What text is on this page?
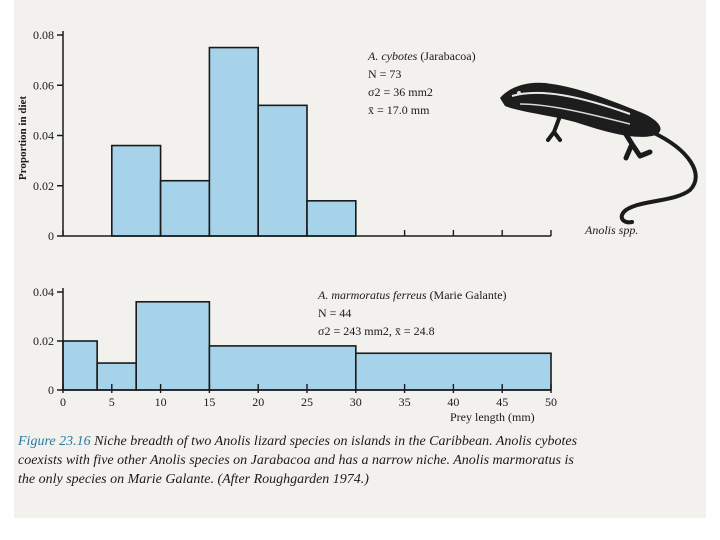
0
0.02
0.04
0.06
0.08
Proportion in diet
A. cybotes (Jarabacoa)
N = 73
σ2 = 36 mm2
x̄ = 17.0 mm
Anolis spp.
0
0.02
0.04
0	5	10	15	20	25	30	35	40	45	50
A. marmoratus ferreus (Marie Galante)
N = 44
σ2 = 243 mm2, x̄ = 24.8
Prey length (mm)
Figure 23.16 Niche breadth of two Anolis lizard species on islands in the Caribbean. Anolis cybotes coexists with five other Anolis species on Jarabacoa and has a narrow niche. Anolis marmoratus is the only species on Marie Galante. (After Roughgarden 1974.)
